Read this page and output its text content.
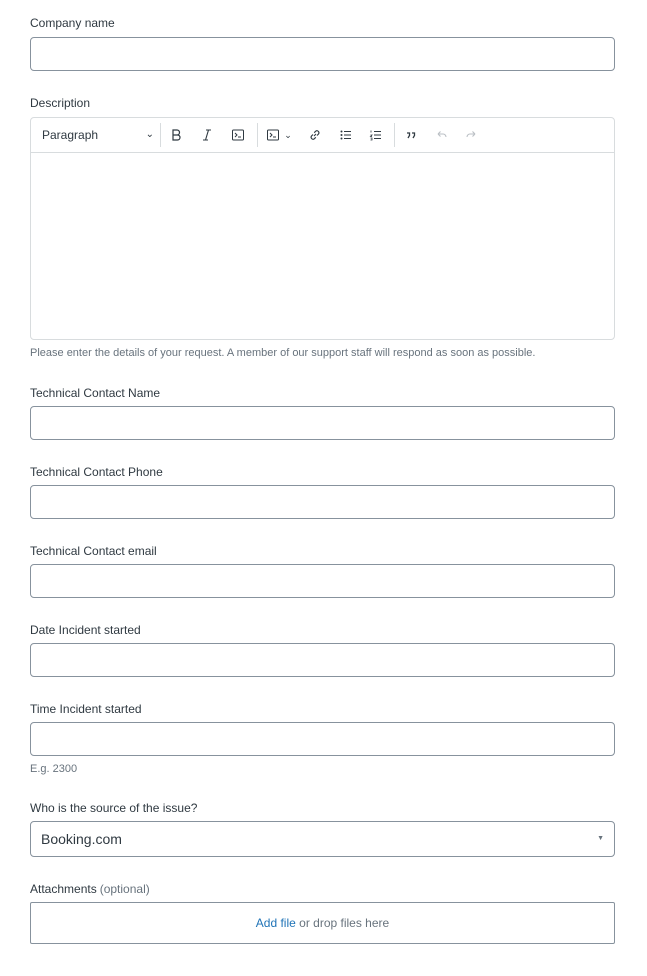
Company name
Description
Paragraph	⌄	⌄
Please enter the details of your request. A member of our support staff will respond as soon as possible.
Technical Contact Name
Technical Contact Phone
Technical Contact email
Date Incident started
Time Incident started
E.g. 2300
Who is the source of the issue?
Booking.com	▼
Attachments (optional)
Add file or drop files here
